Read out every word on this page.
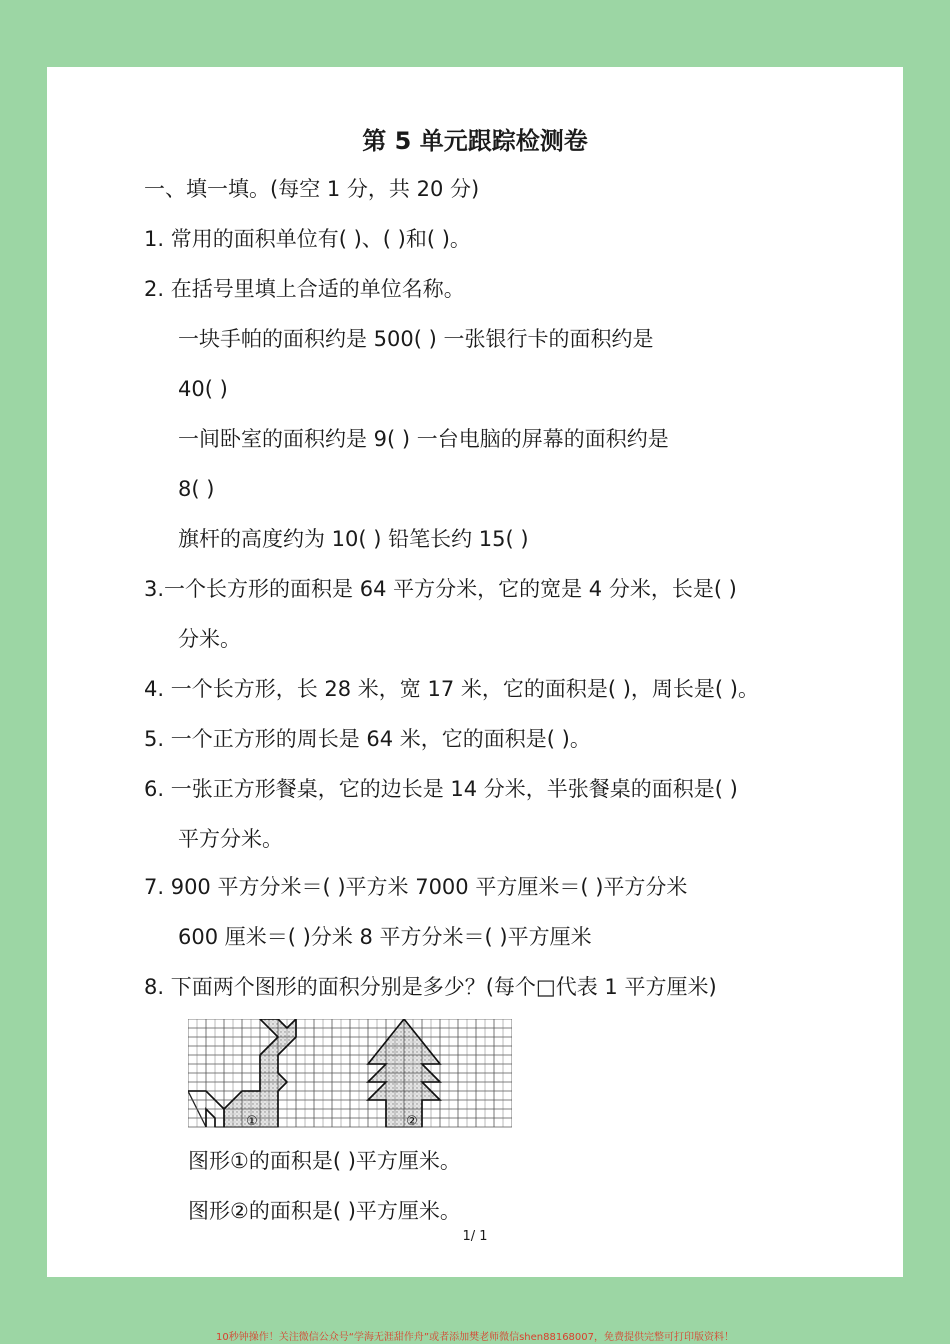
第 5 单元跟踪检测卷
一、填一填。(每空 1 分，共 20 分)
1. 常用的面积单位有( )、( )和( )。
2. 在括号里填上合适的单位名称。
一块手帕的面积约是 500( ) 一张银行卡的面积约是
40( )
一间卧室的面积约是 9( ) 一台电脑的屏幕的面积约是
8( )
旗杆的高度约为 10( ) 铅笔长约 15( )
3.一个长方形的面积是 64 平方分米，它的宽是 4 分米，长是( )
分米。
4. 一个长方形，长 28 米，宽 17 米，它的面积是( )，周长是( )。
5. 一个正方形的周长是 64 米，它的面积是( )。
6. 一张正方形餐桌，它的边长是 14 分米，半张餐桌的面积是( )
平方分米。
7. 900 平方分米＝( )平方米 7000 平方厘米＝( )平方分米
600 厘米＝( )分米 8 平方分米＝( )平方厘米
8. 下面两个图形的面积分别是多少？(每个□代表 1 平方厘米)
①	②
图形①的面积是( )平方厘米。
图形②的面积是( )平方厘米。
1/ 1
10秒钟操作！关注微信公众号“学海无涯甜作舟”或者添加樊老师微信shen88168007，免费提供完整可打印版资料！
